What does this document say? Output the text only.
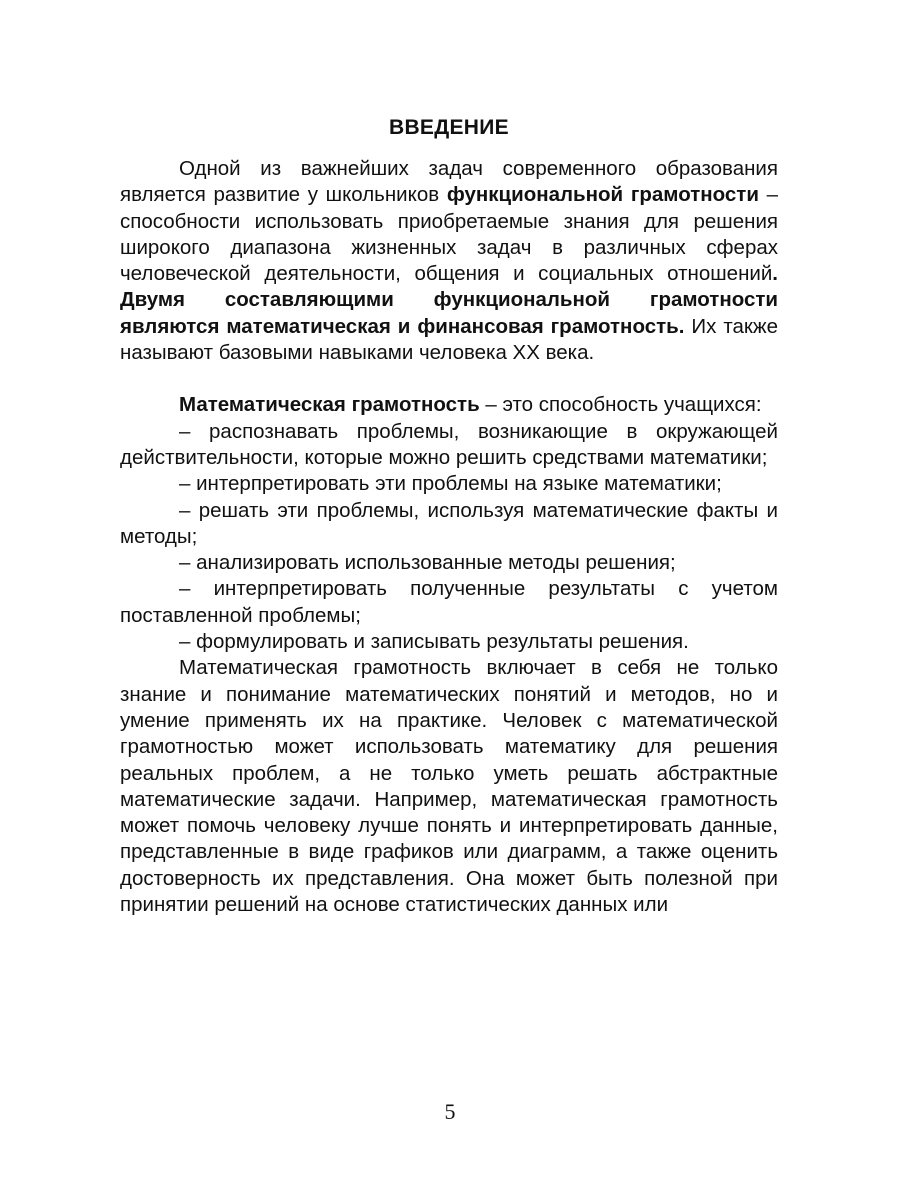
ВВЕДЕНИЕ

Одной из важнейших задач современного образования является развитие у школьников функциональной грамотности – способности использовать приобретаемые знания для решения широкого диапазона жизненных задач в различных сферах человеческой деятельности, общения и социальных отношений. Двумя составляющими функциональной грамотности являются математическая и финансовая грамотность. Их также называют базовыми навыками человека XX века.

Математическая грамотность – это способность учащихся:

– распознавать проблемы, возникающие в окружающей действительности, которые можно решить средствами математики;

– интерпретировать эти проблемы на языке математики;

– решать эти проблемы, используя математические факты и методы;

– анализировать использованные методы решения;

– интерпретировать полученные результаты с учетом поставленной проблемы;

– формулировать и записывать результаты решения.

Математическая грамотность включает в себя не только знание и понимание математических понятий и методов, но и умение применять их на практике. Человек с математической грамотностью может использовать математику для решения реальных проблем, а не только уметь решать абстрактные математические задачи. Например, математическая грамотность может помочь человеку лучше понять и интерпретировать данные, представленные в виде графиков или диаграмм, а также оценить достоверность их представления. Она может быть полезной при принятии решений на основе статистических данных или

5
